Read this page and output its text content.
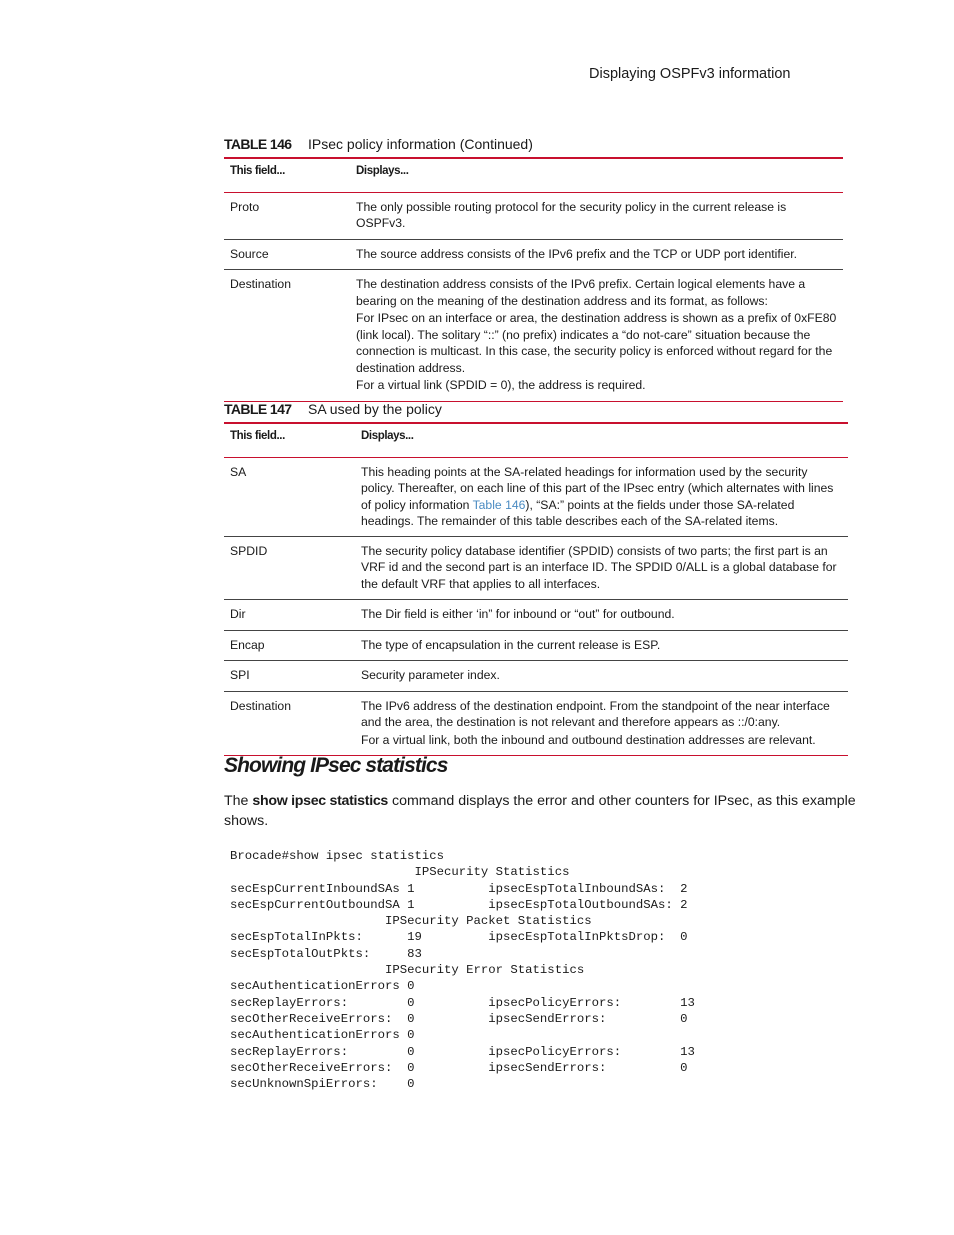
Displaying OSPFv3 information
TABLE 146 IPsec policy information (Continued)
This field...	Displays...
Proto	The only possible routing protocol for the security policy in the current release is OSPFv3.

Source	The source address consists of the IPv6 prefix and the TCP or UDP port identifier.

Destination	The destination address consists of the IPv6 prefix. Certain logical elements have a bearing on the meaning of the destination address and its format, as follows:

For IPsec on an interface or area, the destination address is shown as a prefix of 0xFE80 (link local). The solitary “::” (no prefix) indicates a “do not-care” situation because the connection is multicast. In this case, the security policy is enforced without regard for the destination address.

For a virtual link (SPDID = 0), the address is required.

TABLE 147 SA used by the policy
This field...	Displays...
SA	This heading points at the SA-related headings for information used by the security policy. Thereafter, on each line of this part of the IPsec entry (which alternates with lines of policy information Table 146), “SA:” points at the fields under those SA-related headings. The remainder of this table describes each of the SA-related items.
SPDID	The security policy database identifier (SPDID) consists of two parts; the first part is an VRF id and the second part is an interface ID. The SPDID 0/ALL is a global database for the default VRF that applies to all interfaces.

Dir	The Dir field is either ‘in” for inbound or “out” for outbound.

Encap	The type of encapsulation in the current release is ESP.

SPI	Security parameter index.

Destination	The IPv6 address of the destination endpoint. From the standpoint of the near interface and the area, the destination is not relevant and therefore appears as ::/0:any.

For a virtual link, both the inbound and outbound destination addresses are relevant.

Showing IPsec statistics
The show ipsec statistics command displays the error and other counters for IPsec, as this example shows.
Brocade#show ipsec statistics
IPSecurity Statistics
secEspCurrentInboundSAs 1          ipsecEspTotalInboundSAs:  2
secEspCurrentOutboundSA 1          ipsecEspTotalOutboundSAs: 2
IPSecurity Packet Statistics
secEspTotalInPkts:      19         ipsecEspTotalInPktsDrop:  0
secEspTotalOutPkts:     83
IPSecurity Error Statistics
secAuthenticationErrors 0
secReplayErrors:        0          ipsecPolicyErrors:        13
secOtherReceiveErrors:  0          ipsecSendErrors:          0
secAuthenticationErrors 0
secReplayErrors:        0          ipsecPolicyErrors:        13
secOtherReceiveErrors:  0          ipsecSendErrors:          0
secUnknownSpiErrors:    0
